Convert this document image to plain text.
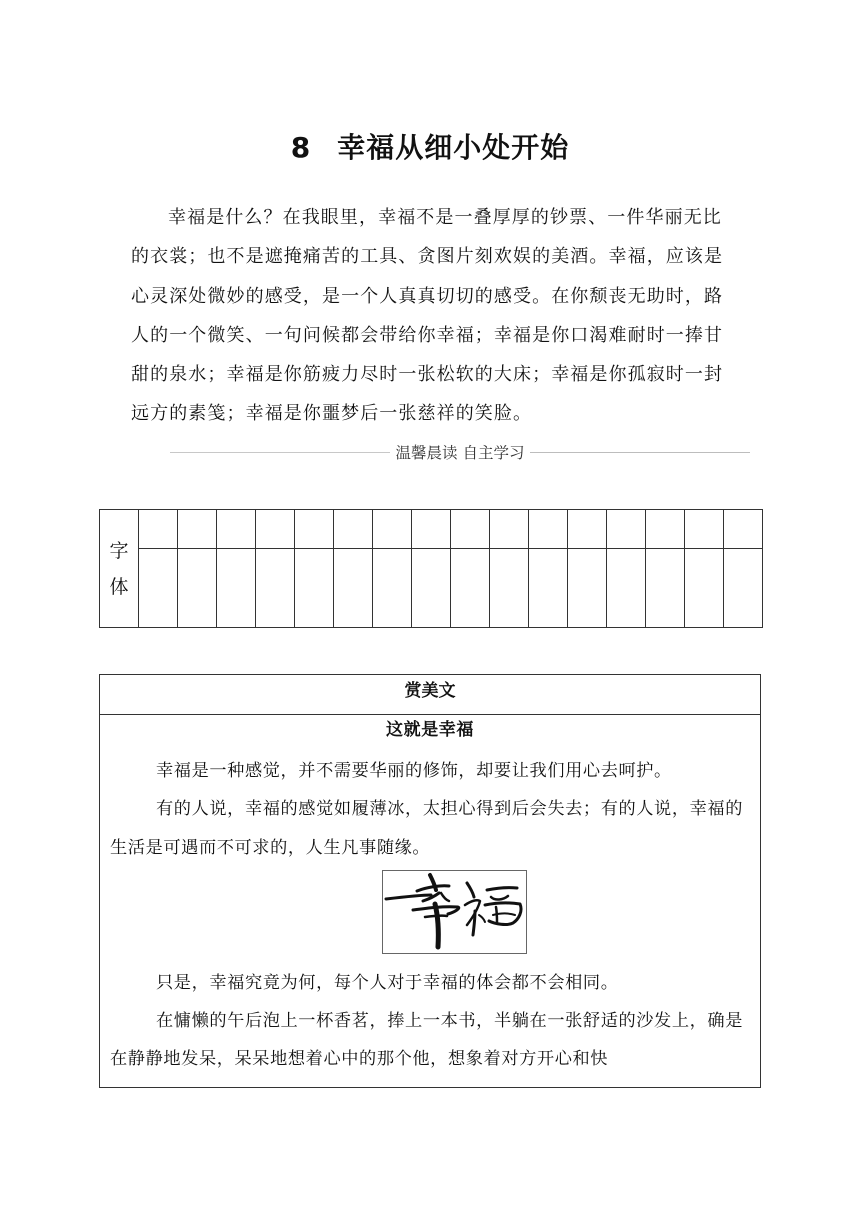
8 幸福从细小处开始

幸福是什么？在我眼里，幸福不是一叠厚厚的钞票、一件华丽无比的衣裳；也不是遮掩痛苦的工具、贪图片刻欢娱的美酒。幸福，应该是心灵深处微妙的感受，是一个人真真切切的感受。在你颓丧无助时，路人的一个微笑、一句问候都会带给你幸福；幸福是你口渴难耐时一捧甘甜的泉水；幸福是你筋疲力尽时一张松软的大床；幸福是你孤寂时一封远方的素笺；幸福是你噩梦后一张慈祥的笑脸。

温馨晨读 自主学习
字
体																

赏美文
这就是幸福

幸福是一种感觉，并不需要华丽的修饰，却要让我们用心去呵护。

有的人说，幸福的感觉如履薄冰，太担心得到后会失去；有的人说，幸福的生活是可遇而不可求的，人生凡事随缘。

只是，幸福究竟为何，每个人对于幸福的体会都不会相同。

在慵懒的午后泡上一杯香茗，捧上一本书，半躺在一张舒适的沙发上，确是在静静地发呆，呆呆地想着心中的那个他，想象着对方开心和快
